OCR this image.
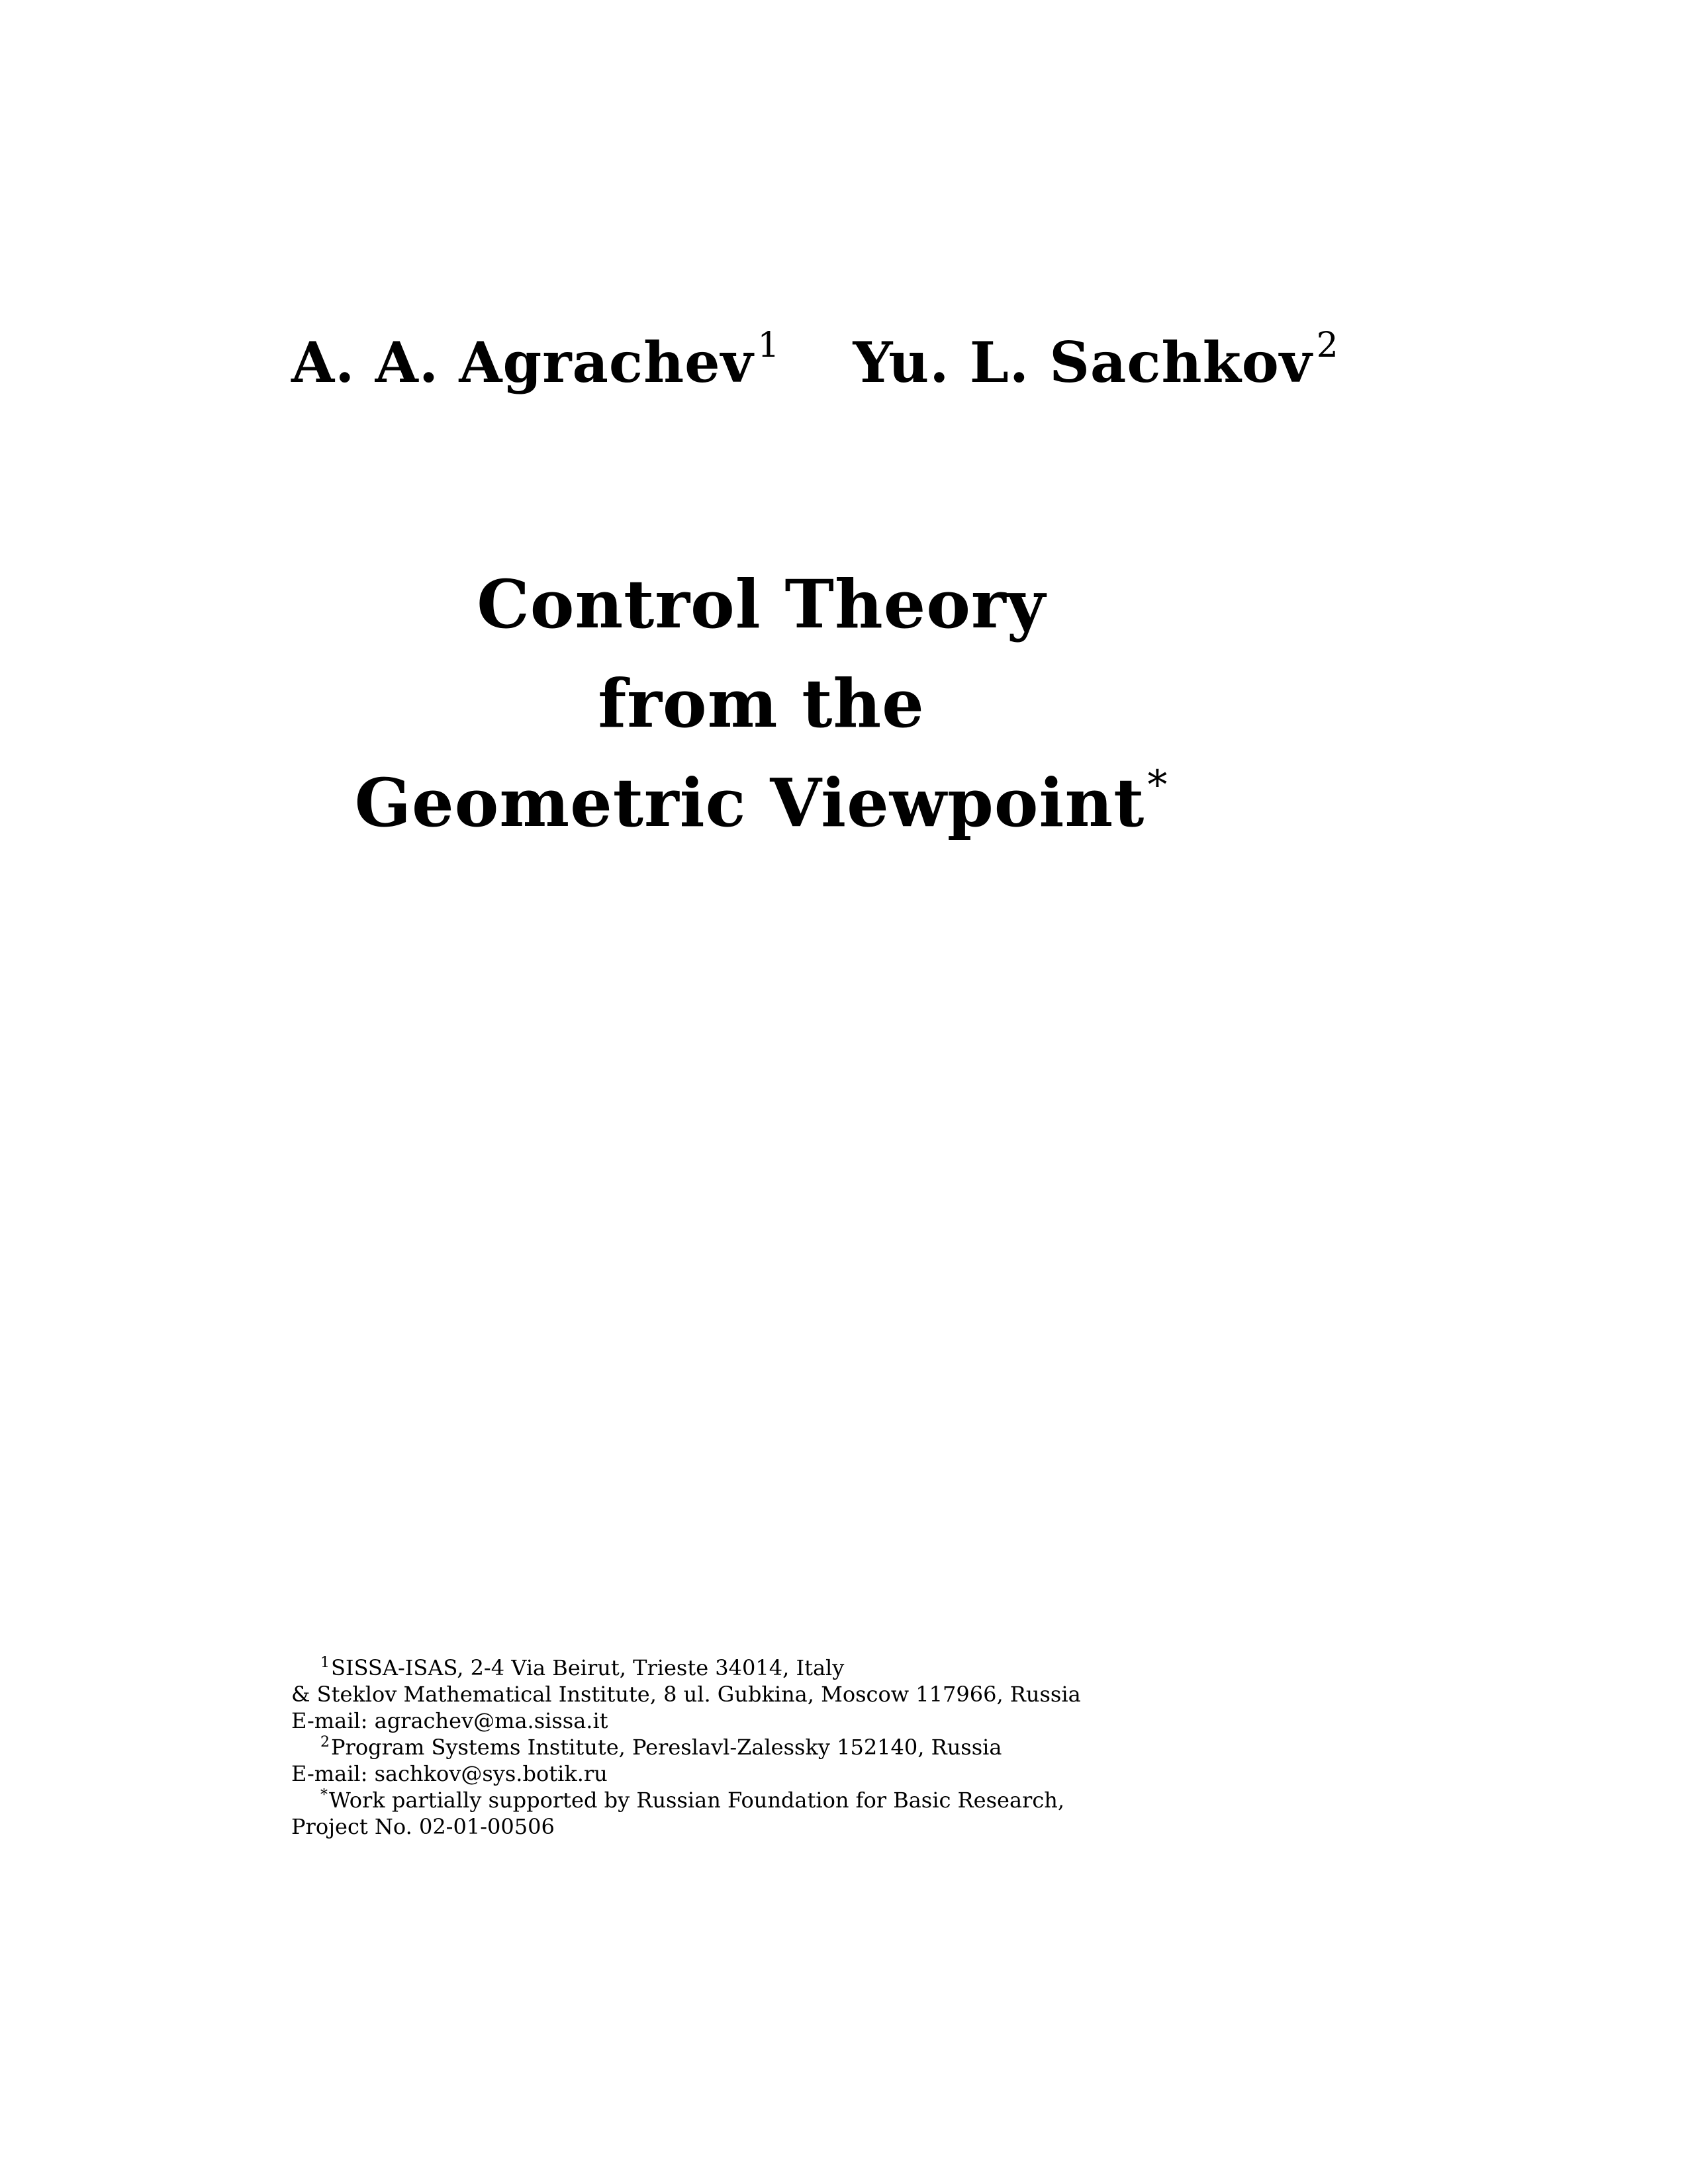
A. A. Agrachev $^1$ Yu. L. Sachkov $^2$
Control Theory
from the
Geometric Viewpoint*
$^1$SISSA-ISAS, 2-4 Via Beirut, Trieste 34014, Italy
& Steklov Mathematical Institute, 8 ul. Gubkina, Moscow 117966, Russia
E-mail: agrachev@ma.sissa.it
$^2$Program Systems Institute, Pereslavl-Zalessky 152140, Russia
E-mail: sachkov@sys.botik.ru
*Work partially supported by Russian Foundation for Basic Research,
Project No. 02-01-00506
